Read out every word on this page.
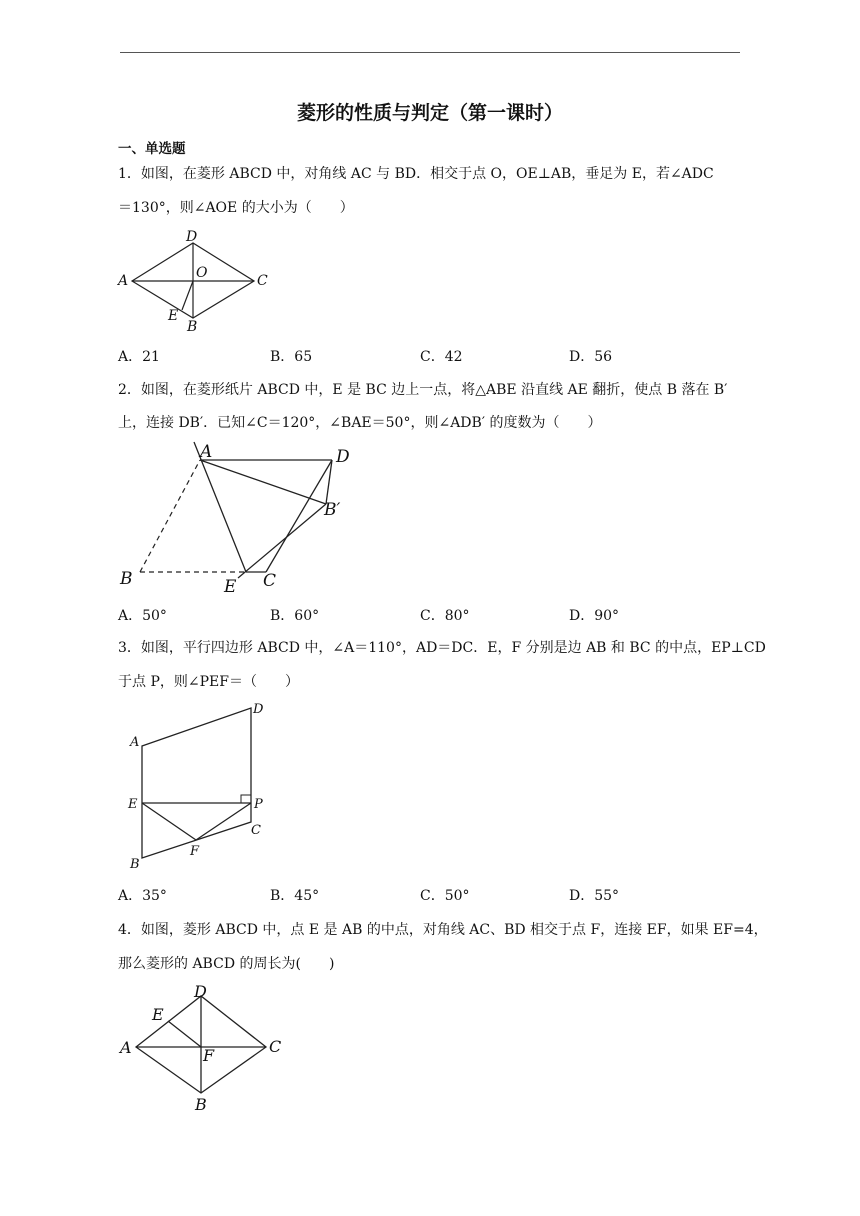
菱形的性质与判定（第一课时）
一、单选题
1．如图，在菱形 ABCD 中，对角线 AC 与 BD．相交于点 O，OE⊥AB，垂足为 E，若∠ADC
＝130°，则∠AOE 的大小为（　　）
D
A	C
O
E
B
A．21	B．65	C．42	D．56
2．如图，在菱形纸片 ABCD 中，E 是 BC 边上一点，将△ABE 沿直线 AE 翻折，使点 B 落在 B′
上，连接 DB′．已知∠C＝120°，∠BAE＝50°，则∠ADB′ 的度数为（　　）
A	D
B′
B	E C
A．50°	B．60°	C．80°	D．90°
3．如图，平行四边形 ABCD 中，∠A＝110°，AD＝DC．E，F 分别是边 AB 和 BC 的中点，EP⊥CD
于点 P，则∠PEF＝（　　）
A
D
E	P
C
F
B
A．35°	B．45°	C．50°	D．55°
4．如图，菱形 ABCD 中，点 E 是 AB 的中点，对角线 AC、BD 相交于点 F，连接 EF，如果 EF=4，
那么菱形的 ABCD 的周长为(　　)
D
E
A	C
F
B
